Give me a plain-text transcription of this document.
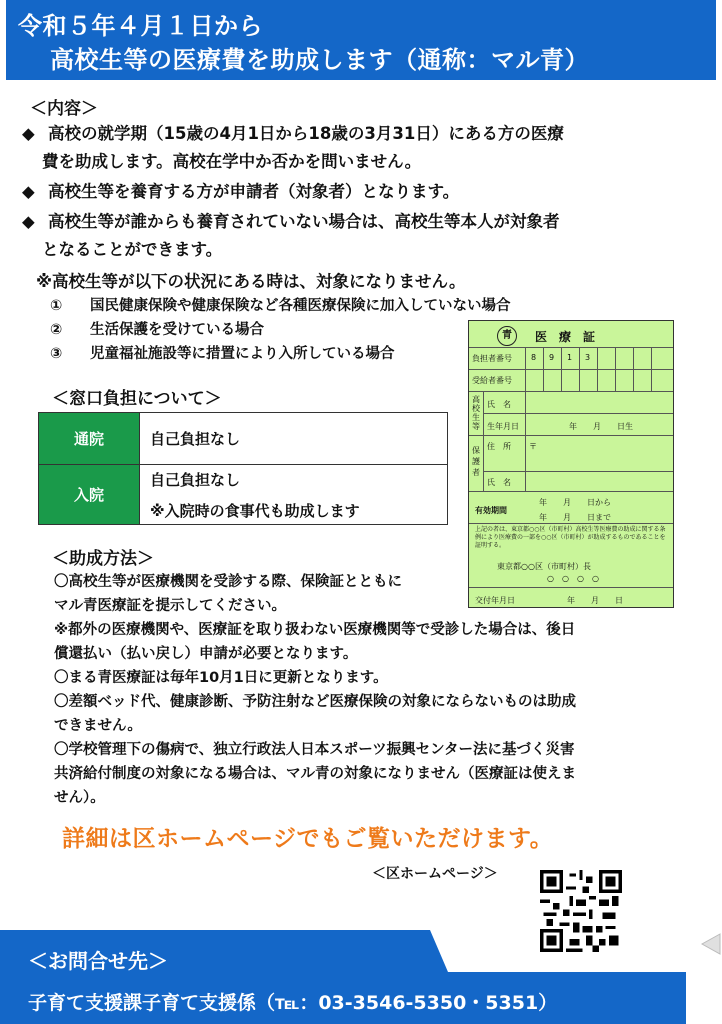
令和５年４月１日から
高校生等の医療費を助成します（通称：マル青）
＜内容＞
◆ 高校の就学期（15歳の4月1日から18歳の3月31日）にある方の医療
費を助成します。高校在学中か否かを問いません。
◆ 高校生等を養育する方が申請者（対象者）となります。
◆ 高校生等が誰からも養育されていない場合は、高校生等本人が対象者
となることができます。
※高校生等が以下の状況にある時は、対象になりません。
① 国民健康保険や健康保険など各種医療保険に加入していない場合
② 生活保護を受けている場合
③ 児童福祉施設等に措置により入所している場合
＜窓口負担について＞
通院	自己負担なし
入院	自己負担なし
※入院時の食事代も助成します
＜助成方法＞
〇高校生等が医療機関を受診する際、保険証とともに
マル青医療証を提示してください。
※都外の医療機関や、医療証を取り扱わない医療機関等で受診した場合は、後日
償還払い（払い戻し）申請が必要となります。
〇まる青医療証は毎年10月1日に更新となります。
〇差額ベッド代、健康診断、予防注射など医療保険の対象にならないものは助成
できません。
〇学校管理下の傷病で、独立行政法人日本スポーツ振興センター法に基づく災害
共済給付制度の対象になる場合は、マル青の対象になりません（医療証は使えま
せん）。
青	医　療　証
負担者番号 8 9 1 3
受給者番号
高校生等
氏　名
生年月日	年　　月　　日生
保護者
住　所 〒
氏　名
有効期間
年　　月　　日から
年　　月　　日まで
上記の者は、東京都○○区（市町村）高校生等医療費の助成に関する条例により医療費の一部を○○区（市町村）が助成するものであることを証明する。
東京都○○区（市町村）長
○　○　○　○
交付年月日	年　　月　　日
詳細は区ホームページでもご覧いただけます。
＜区ホームページ＞
＜お問合せ先＞
子育て支援課子育て支援係（℡：03-3546-5350・5351）
